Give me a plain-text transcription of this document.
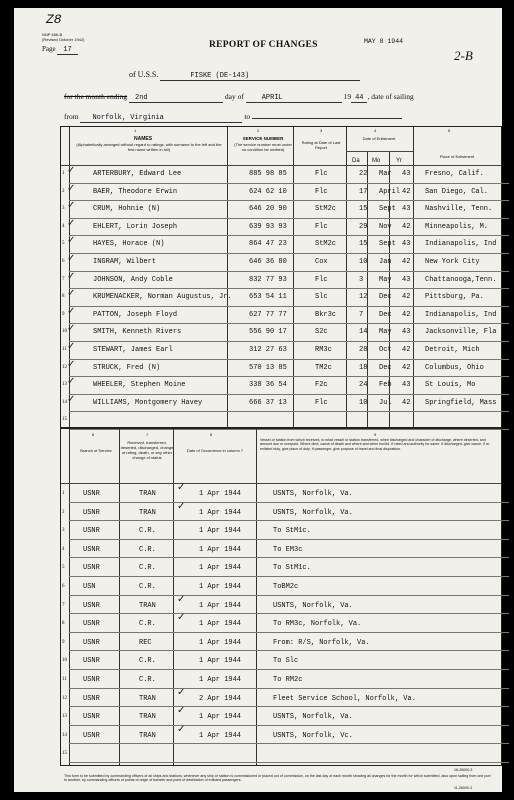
Z8
2-B
NNP 666-B
(Revised October 1942)
Page 17	REPORT OF CHANGES	MAY 8 1944
of U.S.S.	FISKE (DE-143)
for the month ending 2nd	day of	APRIL	19 44 , date of sailing
from Norfolk, Virginia	to
1
NAMES
(Alphabetically arranged without regard to ratings, with surname to the left and the first name written in full)
2
SERVICE NUMBER
(The service number must under no condition be omitted)
3
Rating at Date of Last Report
4
Date of Enlistment
Da Mo	Yr
5
Place of Enlistment
1	ARTERBURY, Edward Lee	885 98 85	Flc	22 Mar 43 Fresno, Calif.
✓
2	BAER, Theodore Erwin	624 62 10	Flc	17 April 42 San Diego, Cal.
✓
3	CRUM, Hohnie (N)	646 20 90	StM2c	15 Sept 43 Nashville, Tenn.
✓
4	EHLERT, Lorin Joseph	639 93 93	Flc	29 Nov 42 Minneapolis, M.
✓
5	HAYES, Horace (N)	864 47 23	StM2c	15 Sept 43 Indianapolis, Ind
✓
6	INGRAM, Wilbert	646 36 80	Cox	10 Jan 42 New York City
✓
7	JOHNSON, Andy Coble	832 77 93	Flc	3 May 43 Chattanooga,Tenn.
✓
8	KRUMENACKER, Norman Augustus, Jr. 653 54 11	Slc	12 Dec 42 Pittsburg, Pa.
✓
9	PATTON, Joseph Floyd	627 77 77	Bkr3c	7 Dec 42 Indianapolis, Ind
✓
10	SMITH, Kenneth Rivers	556 90 17	S2c	14 May 43 Jacksonville, Fla
✓
11	STEWART, James Earl	312 27 63	RM3c	28 Oct 42 Detroit, Mich
✓
12	STRUCK, Fred (N)	570 13 85	TM2c	18 Dec 42 Columbus, Ohio
✓
13	WHEELER, Stephen Moine	338 36 54	F2c	24 Feb 43 St Louis, Mo
✓
14	WILLIAMS, Montgomery Havey	666 37 13	Flc	10 Jul 42 Springfield, Mass
✓
15
6
Branch of Service
7
Received, transferred, deserted, discharged, change of rating, death, or any other change of status
8
Date of Occurrence in column 7
9
Vessel or station from which received, to what vessel or station transferred, when discharged and character of discharge, where deserted, and amount due or overpaid. Where died, cause of death and where and when buried. If rated and authority for same. If discharged, give cause; if re-enlisted duty, give place of duty. If passenger, give purpose of travel and final disposition.
1	USNR	TRAN	1 Apr 1944	USNTS, Norfolk, Va.
✓
2	USNR	TRAN	1 Apr 1944	USNTS, Norfolk, Va.
✓
3	USNR	C.R.	1 Apr 1944	To StM1c.
4	USNR	C.R.	1 Apr 1944	To EM3c
5	USNR	C.R.	1 Apr 1944	To StM1c.
6	USN	C.R.	1 Apr 1944	ToBM2c
7	USNR	TRAN	1 Apr 1944	USNTS, Norfolk, Va.
✓
8	USNR	C.R.	1 Apr 1944	To RM3c, Norfolk, Va.
✓
9	USNR	REC	1 Apr 1944	From: R/S, Norfolk, Va.
10 USNR	C.R.	1 Apr 1944	To Slc
11 USNR	C.R.	1 Apr 1944	To RM2c
12 USNR	TRAN	2 Apr 1944	Fleet Service School, Norfolk, Va.
✓
13 USNR	TRAN	1 Apr 1944	USNTS, Norfolk, Va.
✓
14 USNR	TRAN	1 Apr 1944	USNTS, Norfolk, Vc.
✓
15
16-26000-3
This form to be submitted by commanding officers of all ships and stations, whenever any ship or station is commissioned or placed out of commission, on the last day of each month showing all changes for the month for which submitted, also upon sailing from one port to another, by commanding officers of points of origin of transfer and point of destination of enlisted passengers.
11-26000-3
